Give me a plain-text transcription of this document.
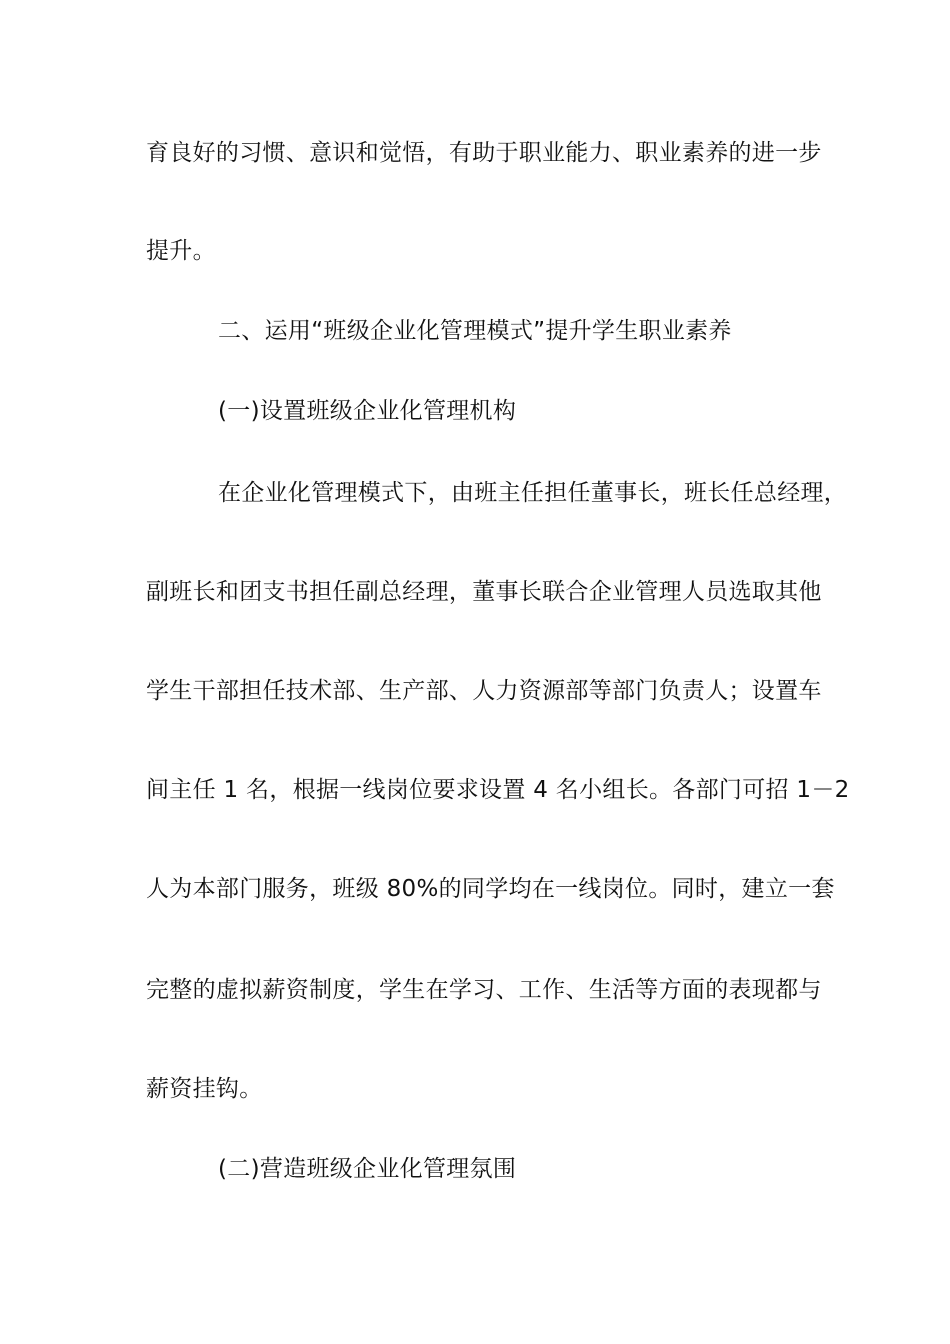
育良好的习惯、意识和觉悟，有助于职业能力、职业素养的进一步
提升。
二、运用“班级企业化管理模式”提升学生职业素养
(一)设置班级企业化管理机构
在企业化管理模式下，由班主任担任董事长，班长任总经理，
副班长和团支书担任副总经理，董事长联合企业管理人员选取其他
学生干部担任技术部、生产部、人力资源部等部门负责人；设置车
间主任 1 名，根据一线岗位要求设置 4 名小组长。各部门可招 1－2
人为本部门服务，班级 80%的同学均在一线岗位。同时，建立一套
完整的虚拟薪资制度，学生在学习、工作、生活等方面的表现都与
薪资挂钩。
(二)营造班级企业化管理氛围
